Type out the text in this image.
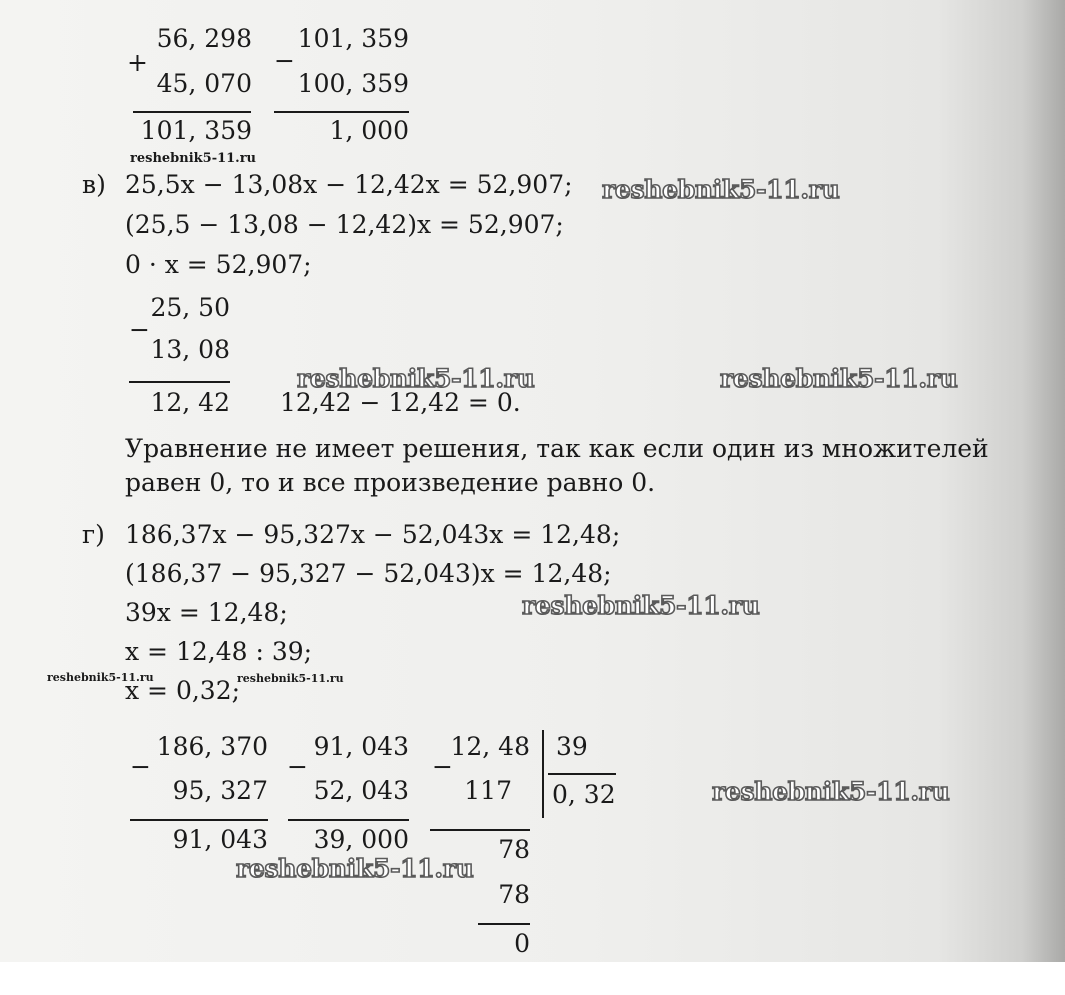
56, 298
+
45, 070
101, 359
101, 359
−
100, 359
1, 000
reshebnik5-11.ru
в) 25,5x − 13,08x − 12,42x = 52,907; reshebnik5-11.ru
(25,5 − 13,08 − 12,42)x = 52,907;
0 · x = 52,907;
25, 50
−
13, 08
12, 42 12,42 − 12,42 = 0.
reshebnik5-11.ru	reshebnik5-11.ru
Уравнение не имеет решения, так как если один из множителей
равен 0, то и все произведение равно 0.
г) 186,37x − 95,327x − 52,043x = 12,48;
(186,37 − 95,327 − 52,043)x = 12,48;
39x = 12,48;	reshebnik5-11.ru
x = 12,48 : 39;
x = 0,32;
reshebnik5-11.ru	reshebnik5-11.ru
186, 370
−
95, 327
91, 043
91, 043
−
52, 043
39, 000
12, 48
−
117
78
78
0
39
0, 32	reshebnik5-11.ru
reshebnik5-11.ru
